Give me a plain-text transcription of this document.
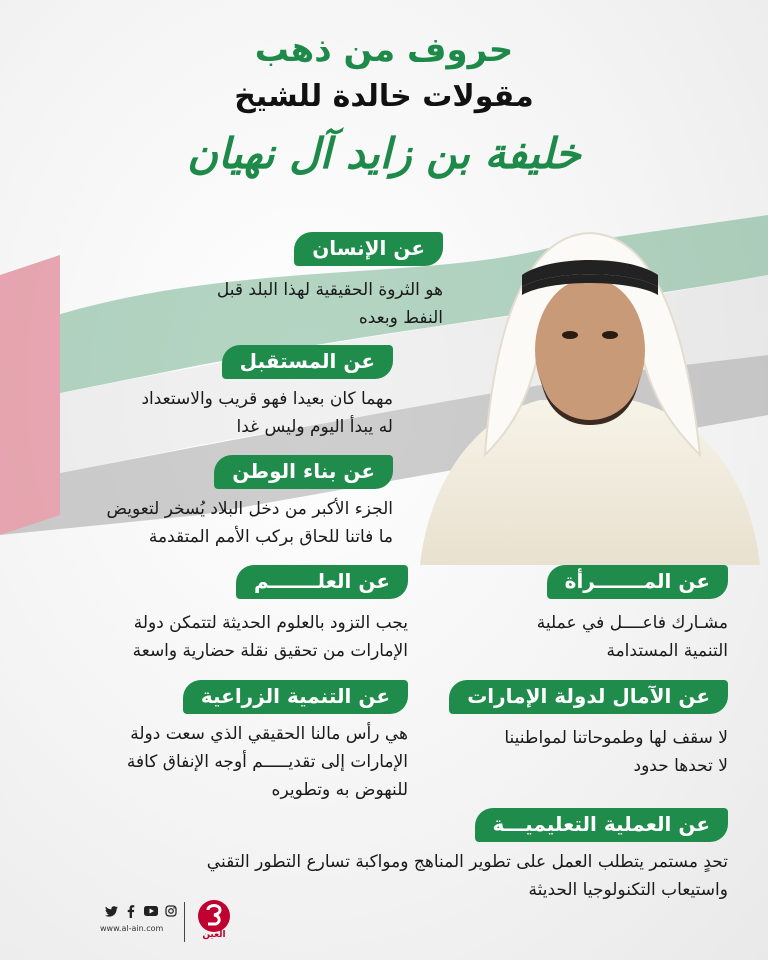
حروف من ذهب
مقولات خالدة للشيخ
خليفة بن زايد آل نهيان
عن الإنسان
هو الثروة الحقيقية لهذا البلد قبل
النفط وبعده
عن المستقبل
مهما كان بعيدا فهو قريب والاستعداد
له يبدأ اليوم وليس غدا
عن بناء الوطن
الجزء الأكبر من دخل البلاد يُسخر لتعويض
ما فاتنا للحاق بركب الأمم المتقدمة
عن العلـــــــم
يجب التزود بالعلوم الحديثة لتتمكن دولة
الإمارات من تحقيق نقلة حضارية واسعة
عن المـــــــرأة
مشـارك فاعــــل في عملية
التنمية المستدامة
عن التنمية الزراعية
هي رأس مالنا الحقيقي الذي سعت دولة
الإمارات إلى تقديـــــم أوجه الإنفاق كافة
للنهوض به وتطويره
عن الآمال لدولة الإمارات
لا سقف لها وطموحاتنا لمواطنينا
لا تحدها حدود
عن العملية التعليميـــة
تحدٍ مستمر يتطلب العمل على تطوير المناهج ومواكبة تسارع التطور التقني
واستيعاب التكنولوجيا الحديثة
www.al-ain.com
العين
